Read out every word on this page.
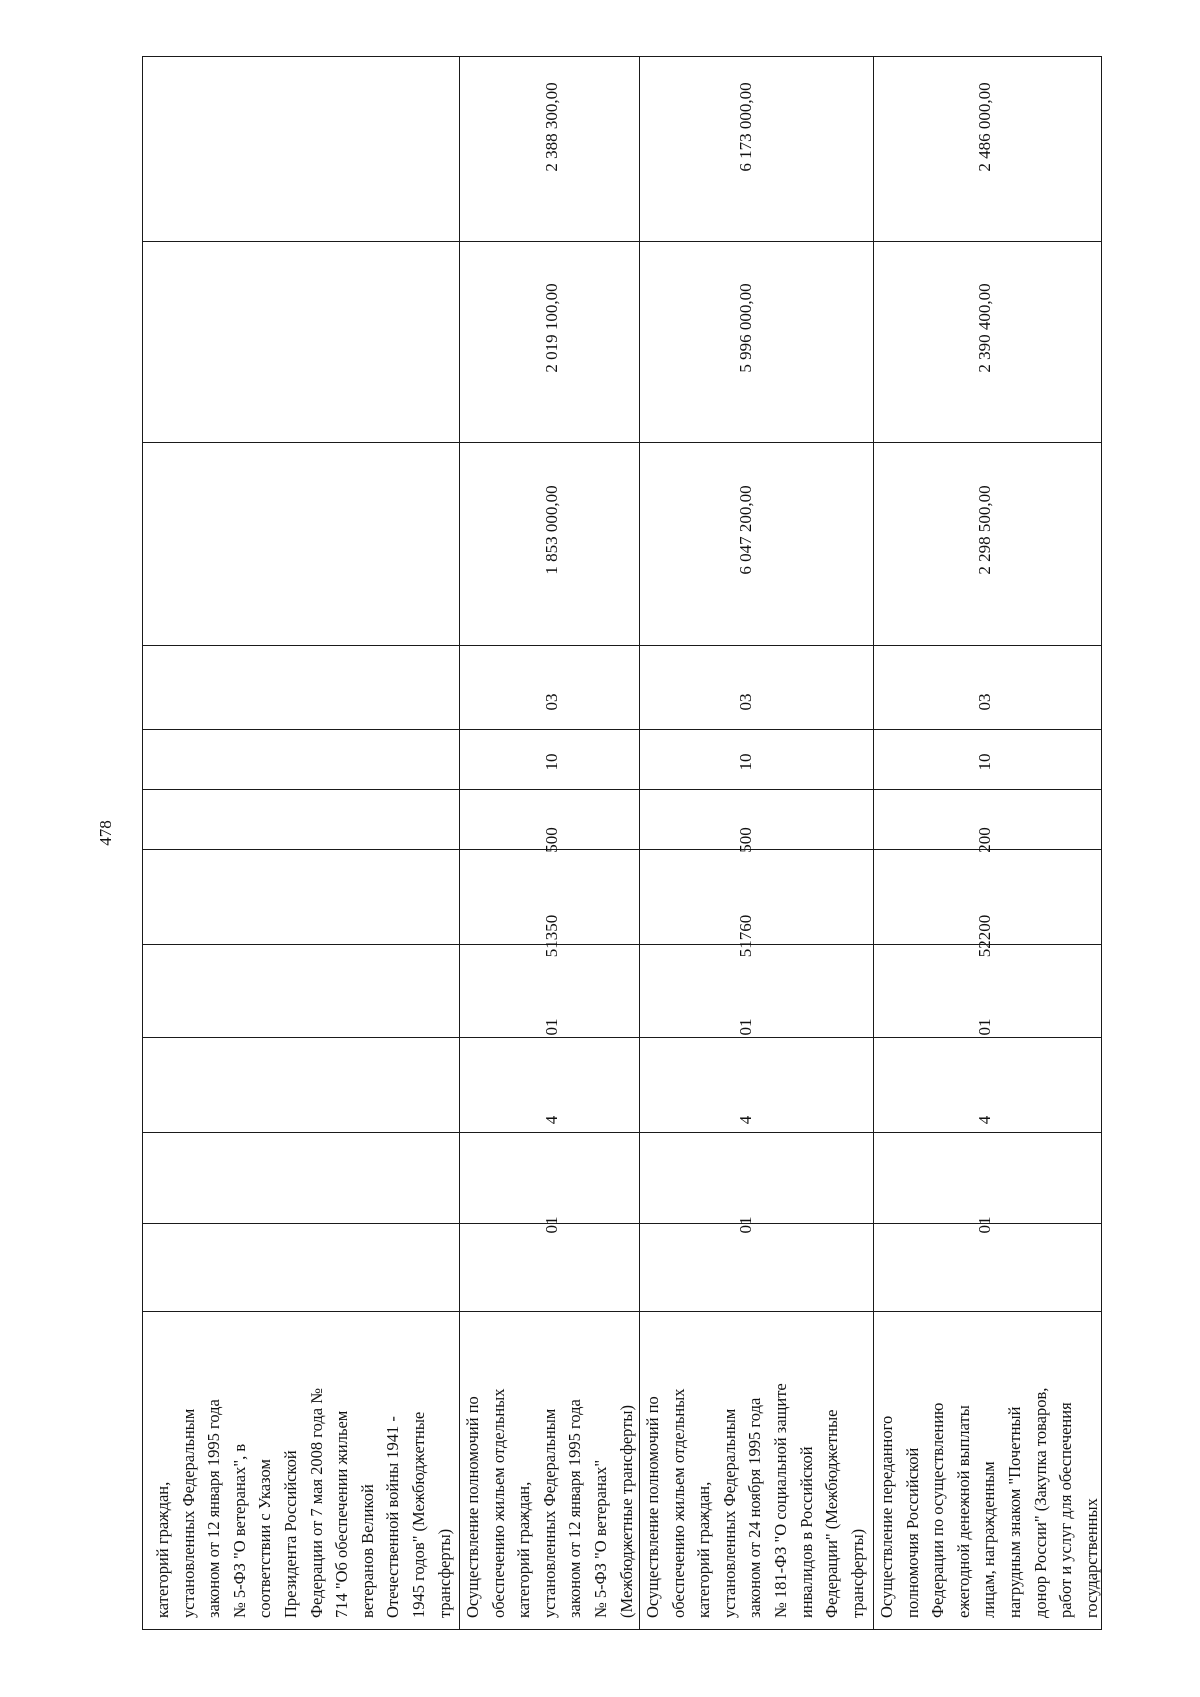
478
категорий граждан, установленных Федеральным законом от 12 января 1995 года № 5-ФЗ "О ветеранах", в соответствии с Указом Президента Российской Федерации от 7 мая 2008 года № 714 "Об обеспечении жильем ветеранов Великой Отечественной войны 1941 - 1945 годов" (Межбюджетные трансферты) Осуществление полномочий по обеспечению жильем отдельных категорий граждан, установленных Федеральным законом от 12 января 1995 года № 5-ФЗ "О ветеранах" (Межбюджетные трансферты)
01
4
01
51350
500
10
03
1 853 000,00
2 019 100,00
2 388 300,00
Осуществление полномочий по обеспечению жильем отдельных категорий граждан, установленных Федеральным законом от 24 ноября 1995 года № 181-ФЗ "О социальной защите инвалидов в Российской Федерации" (Межбюджетные трансферты)
01
4
01
51760
500
10
03
6 047 200,00
5 996 000,00
6 173 000,00
Осуществление переданного полномочия Российской Федерации по осуществлению ежегодной денежной выплаты лицам, награжденным нагрудным знаком "Почетный донор России" (Закупка товаров, работ и услуг для обеспечения государственных
01
4
01
52200
200
10
03
2 298 500,00
2 390 400,00
2 486 000,00
